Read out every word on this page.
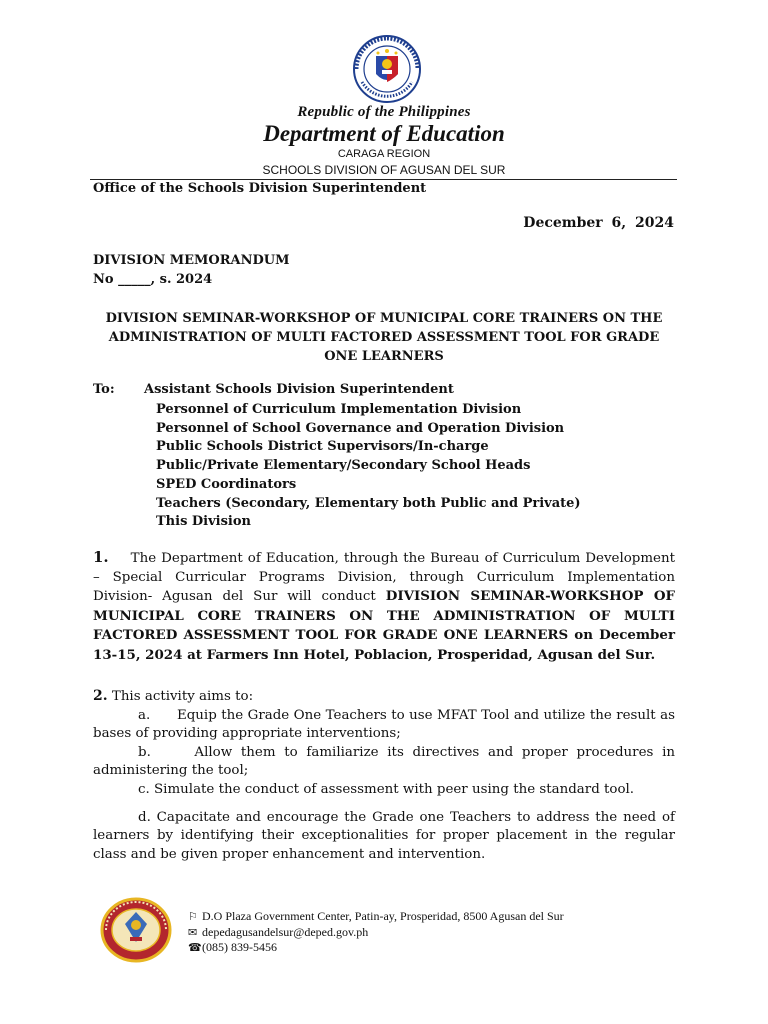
Republic of the Philippines
Department of Education
CARAGA REGION
SCHOOLS DIVISION OF AGUSAN DEL SUR
Office of the Schools Division Superintendent
December 6, 2024
DIVISION MEMORANDUM
No _____, s. 2024
DIVISION SEMINAR-WORKSHOP OF MUNICIPAL CORE TRAINERS ON THE ADMINISTRATION OF MULTI FACTORED ASSESSMENT TOOL FOR GRADE ONE LEARNERS
To: Assistant Schools Division Superintendent
Personnel of Curriculum Implementation Division
Personnel of School Governance and Operation Division
Public Schools District Supervisors/In-charge
Public/Private Elementary/Secondary School Heads
SPED Coordinators
Teachers (Secondary, Elementary both Public and Private)
This Division
1. The Department of Education, through the Bureau of Curriculum Development – Special Curricular Programs Division, through Curriculum Implementation Division- Agusan del Sur will conduct DIVISION SEMINAR-WORKSHOP OF MUNICIPAL CORE TRAINERS ON THE ADMINISTRATION OF MULTI FACTORED ASSESSMENT TOOL FOR GRADE ONE LEARNERS on December 13-15, 2024 at Farmers Inn Hotel, Poblacion, Prosperidad, Agusan del Sur.
2. This activity aims to:
a.      Equip the Grade One Teachers to use MFAT Tool and utilize the result as bases of providing appropriate interventions;
b.     Allow them to familiarize its directives and proper procedures in administering the tool;
c. Simulate the conduct of assessment with peer using the standard tool.
d. Capacitate and encourage the Grade one Teachers to address the need of learners by identifying their exceptionalities for proper placement in the regular class and be given proper enhancement and intervention.
⚐ D.O Plaza Government Center, Patin-ay, Prosperidad, 8500 Agusan del Sur
✉ depedagusandelsur@deped.gov.ph
☎(085) 839-5456
